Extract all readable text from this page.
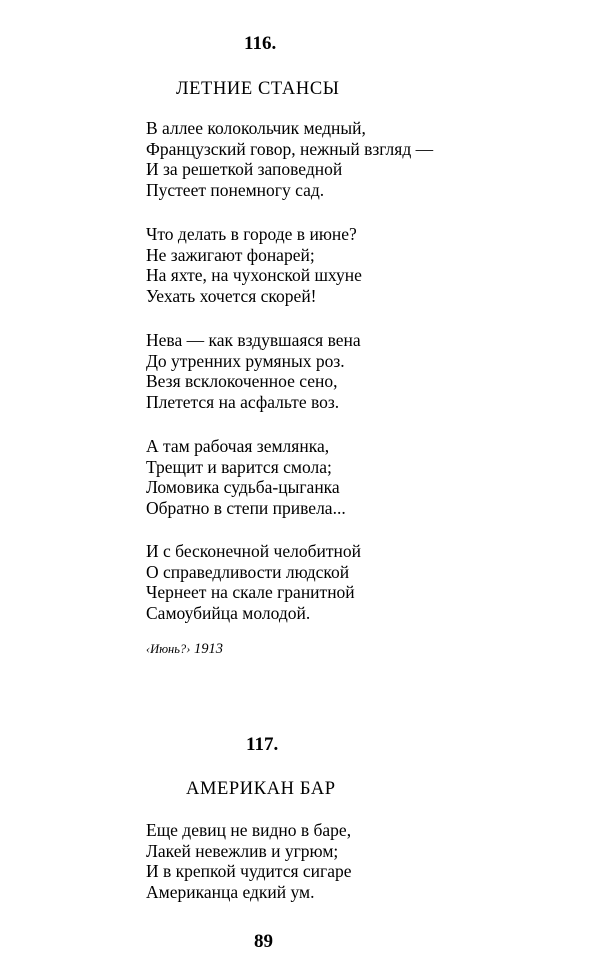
116.
ЛЕТНИЕ СТАНСЫ
В аллее колокольчик медный,
Французский говор, нежный взгляд —
И за решеткой заповедной
Пустеет понемногу сад.
Что делать в городе в июне?
Не зажигают фонарей;
На яхте, на чухонской шхуне
Уехать хочется скорей!
Нева — как вздувшаяся вена
До утренних румяных роз.
Везя всклокоченное сено,
Плетется на асфальте воз.
А там рабочая землянка,
Трещит и варится смола;
Ломовика судьба-цыганка
Обратно в степи привела...
И с бесконечной челобитной
О справедливости людской
Чернеет на скале гранитной
Самоубийца молодой.
‹Июнь?› 1913
117.
АМЕРИКАН БАР
Еще девиц не видно в баре,
Лакей невежлив и угрюм;
И в крепкой чудится сигаре
Американца едкий ум.
89
